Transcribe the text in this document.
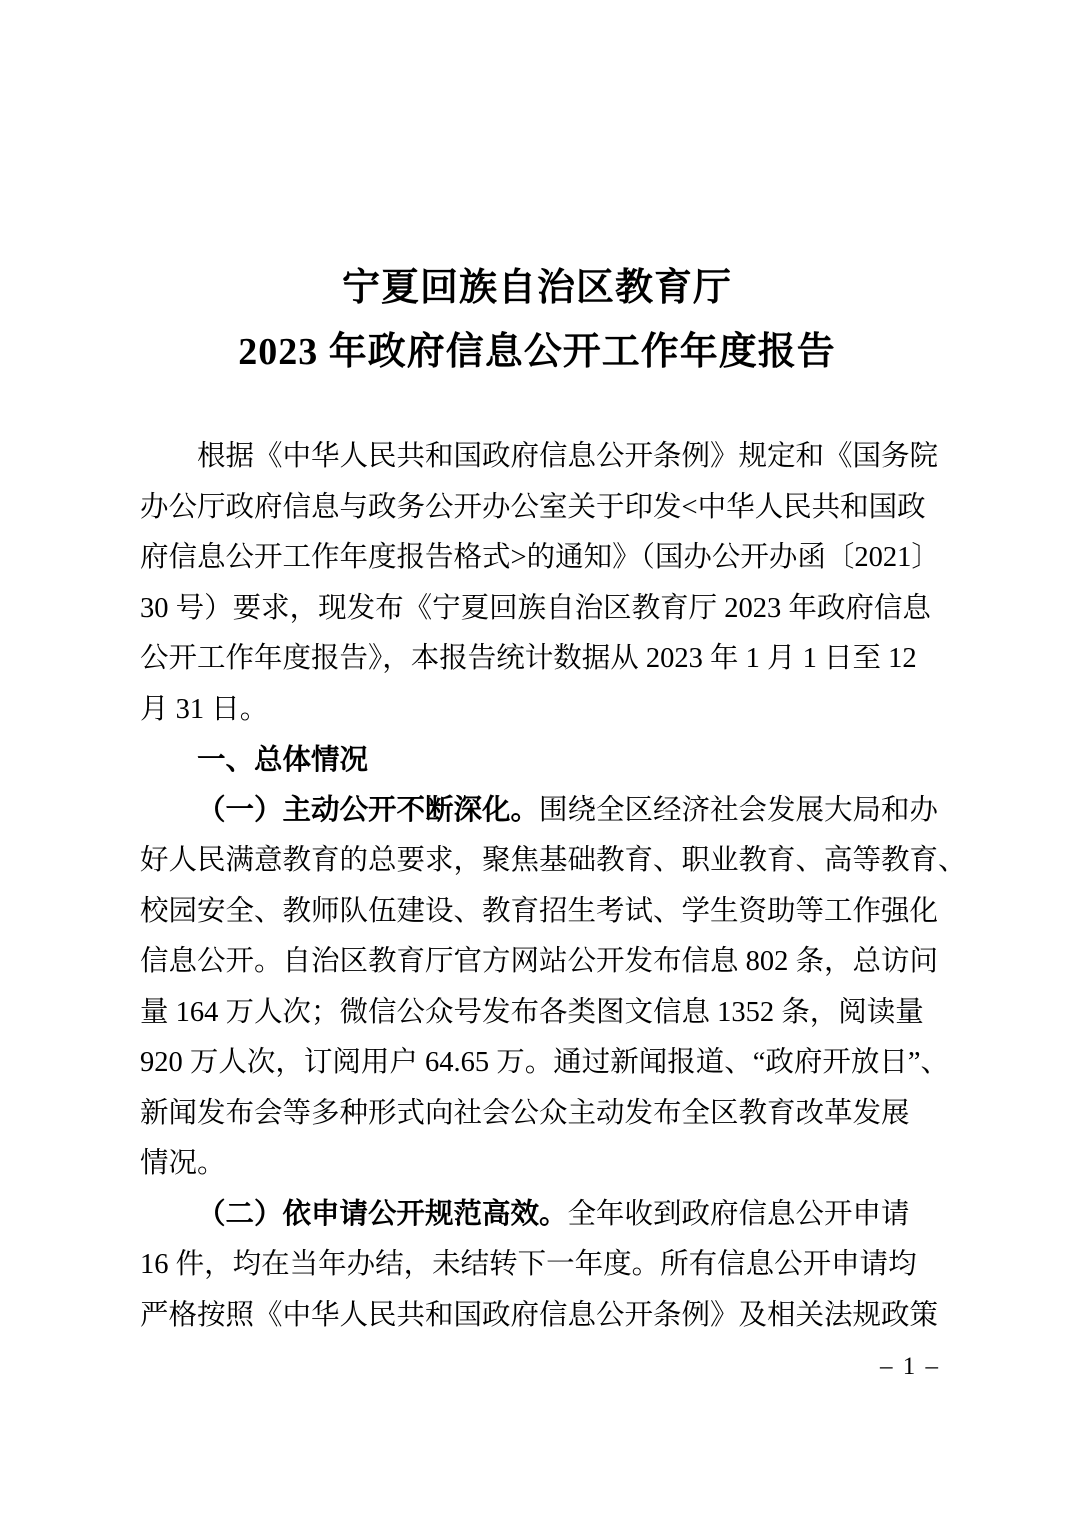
宁夏回族自治区教育厅
2023 年政府信息公开工作年度报告
根据《中华人民共和国政府信息公开条例》规定和《国务院
办公厅政府信息与政务公开办公室关于印发<中华人民共和国政
府信息公开工作年度报告格式>的通知》（国办公开办函〔2021〕
30 号）要求，现发布《宁夏回族自治区教育厅 2023 年政府信息
公开工作年度报告》，本报告统计数据从 2023 年 1 月 1 日至 12
月 31 日。
一、总体情况
（一）主动公开不断深化。围绕全区经济社会发展大局和办
好人民满意教育的总要求，聚焦基础教育、职业教育、高等教育、
校园安全、教师队伍建设、教育招生考试、学生资助等工作强化
信息公开。自治区教育厅官方网站公开发布信息 802 条，总访问
量 164 万人次；微信公众号发布各类图文信息 1352 条，阅读量
920 万人次，订阅用户 64.65 万。通过新闻报道、“政府开放日”、
新闻发布会等多种形式向社会公众主动发布全区教育改革发展
情况。
（二）依申请公开规范高效。全年收到政府信息公开申请
16 件，均在当年办结，未结转下一年度。所有信息公开申请均
严格按照《中华人民共和国政府信息公开条例》及相关法规政策
– 1 –
